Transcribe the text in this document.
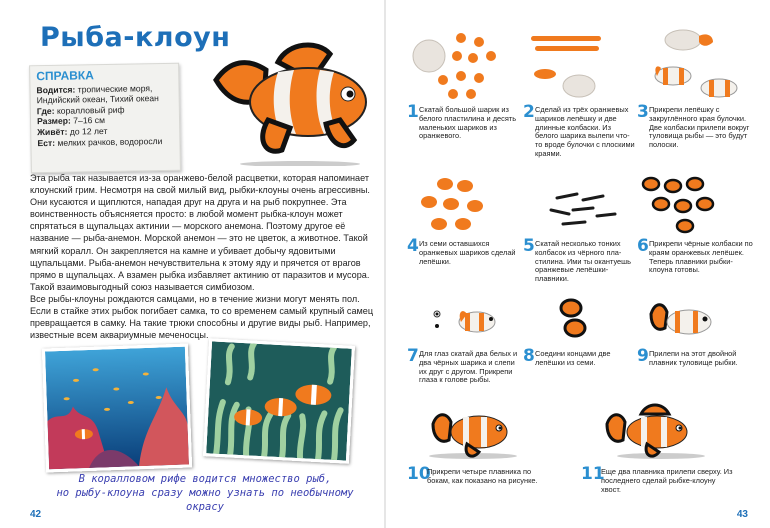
Рыба-клоун
СПРАВКА

Водится: тропические моря, Индийский океан, Тихий океан

Где: коралловый риф

Размер: 7–16 см

Живёт: до 12 лет

Ест: мелких рачков, водоросли

Эта рыба так называется из-за оранжево-белой расцветки, которая напоминает клоунский грим. Несмотря на свой милый вид, рыбки-клоуны очень агрессивны. Они кусаются и щиплются, нападая друг на друга и на рыб покрупнее. Эта воинственность объясняется просто: в любой момент рыбка-клоун может спрятаться в щупальцах актинии — морского анемона. Поэтому другое её название — рыба-анемон. Морской анемон — это не цветок, а животное. Такой мягкий коралл. Он закрепляется на камне и убивает добычу ядовитыми щупальцами. Рыба-анемон нечувствительна к этому яду и прячется от врагов прямо в щупальцах. А взамен рыбка избавляет актинию от паразитов и мусора. Такой взаимовыгодный союз называется симбиозом.

Все рыбы-клоуны рождаются самцами, но в течение жизни могут менять пол. Если в стайке этих рыбок погибает самка, то со временем самый крупный самец превращается в самку. На такие трюки способны и другие виды рыб. Например, известные всем аквариумные меченосцы.

В коралловом рифе водится множество рыб,
но рыбу-клоуна сразу можно узнать по необычному окрасу
42
1 Скатай большой шарик из белого пластилина и десять маленьких шариков из оранжевого.
2 Сделай из трёх оранжевых шариков лепёшку и две длинные колбаски. Из белого шарика вылепи что-то вроде булочки с плоскими краями.
3 Прикрепи лепёшку с закруглённого края булочки. Две колбаски прилепи вокруг туловища рыбы — это будут полоски.
4 Из семи оставшихся оранжевых шариков сделай лепёшки.
5 Скатай несколько тонких колбасок из чёрного пластилина. Ими ты окантуешь оранжевые лепёшки-плавники.
6 Прикрепи чёрные колбаски по краям оранжевых лепёшек. Теперь плавники рыбки-клоуна готовы.
7 Для глаз скатай два белых и два чёрных шарика и слепи их друг с другом. Прикрепи глаза к голове рыбы.
8 Соедини концами две лепёшки из семи.	9 Прилепи на этот двойной плавник туловище рыбки.
10
Прикрепи четыре плавника по бокам, как показано на рисунке.	11
Еще два плавника прилепи сверху. Из последнего сделай рыбке-клоуну хвост.
43
